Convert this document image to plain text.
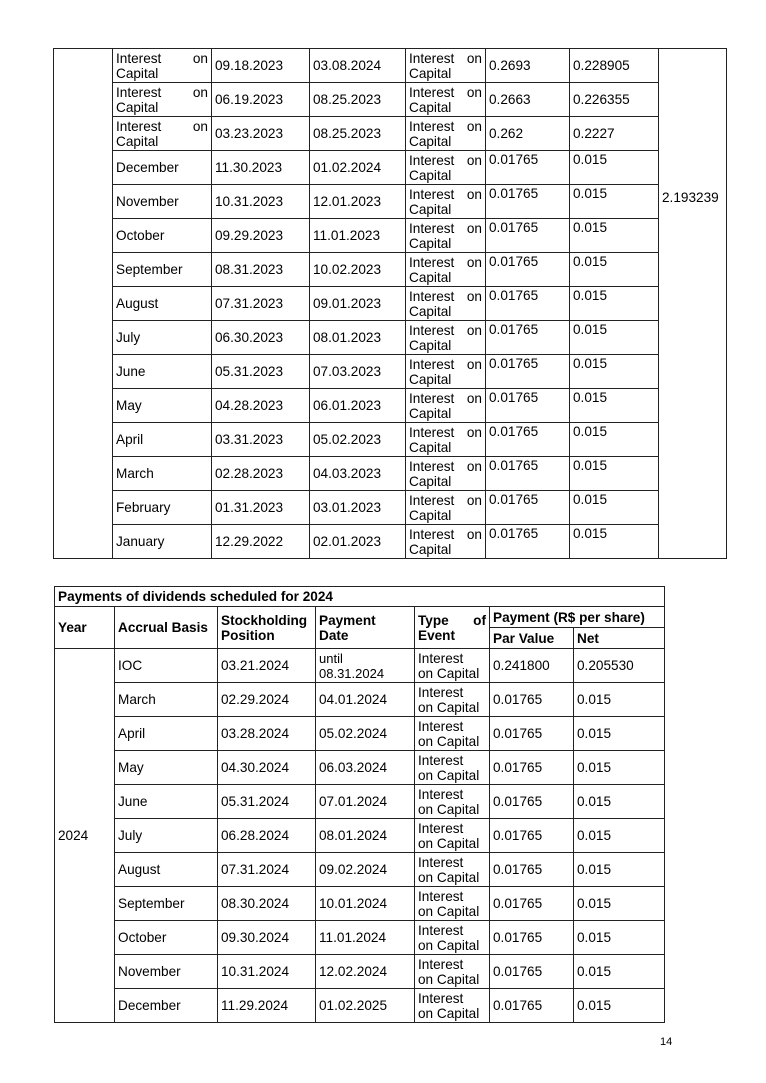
	Interest on
Capital	09.18.2023	03.08.2024	Interest on
Capital	0.2693	0.228905	2.193239

	Interest on
Capital	06.19.2023	08.25.2023	Interest on
Capital	0.2663	0.226355	

	Interest on
Capital	03.23.2023	08.25.2023	Interest on
Capital	0.262	0.2227	
	December	11.30.2023	01.02.2024	Interest on
Capital	0.01765	0.015	
	November	10.31.2023	12.01.2023	Interest on
Capital	0.01765	0.015	
	October	09.29.2023	11.01.2023	Interest on
Capital	0.01765	0.015	
	September	08.31.2023	10.02.2023	Interest on
Capital	0.01765	0.015	
	August	07.31.2023	09.01.2023	Interest on
Capital	0.01765	0.015	
	July	06.30.2023	08.01.2023	Interest on
Capital	0.01765	0.015	
	June	05.31.2023	07.03.2023	Interest on
Capital	0.01765	0.015	
	May	04.28.2023	06.01.2023	Interest on
Capital	0.01765	0.015	
	April	03.31.2023	05.02.2023	Interest on
Capital	0.01765	0.015	
	March	02.28.2023	04.03.2023	Interest on
Capital	0.01765	0.015	
	February	01.31.2023	03.01.2023	Interest on
Capital	0.01765	0.015	
	January	12.29.2022	02.01.2023	Interest on
Capital	0.01765	0.015	
Payments of dividends scheduled for 2024						
Year	Accrual Basis	Stockholding
Position	Payment
Date	Type of
Event	Payment (R$ per share)	
					Par Value	Net
2024	IOC	03.21.2024	until
08.31.2024	Interest
on Capital	0.241800	0.205530
	March	02.29.2024	04.01.2024	Interest
on Capital	0.01765	0.015
	April	03.28.2024	05.02.2024	Interest
on Capital	0.01765	0.015
	May	04.30.2024	06.03.2024	Interest
on Capital	0.01765	0.015
	June	05.31.2024	07.01.2024	Interest
on Capital	0.01765	0.015
	July	06.28.2024	08.01.2024	Interest
on Capital	0.01765	0.015
	August	07.31.2024	09.02.2024	Interest
on Capital	0.01765	0.015
	September	08.30.2024	10.01.2024	Interest
on Capital	0.01765	0.015
	October	09.30.2024	11.01.2024	Interest
on Capital	0.01765	0.015
	November	10.31.2024	12.02.2024	Interest
on Capital	0.01765	0.015
	December	11.29.2024	01.02.2025	Interest
on Capital	0.01765	0.015
14
